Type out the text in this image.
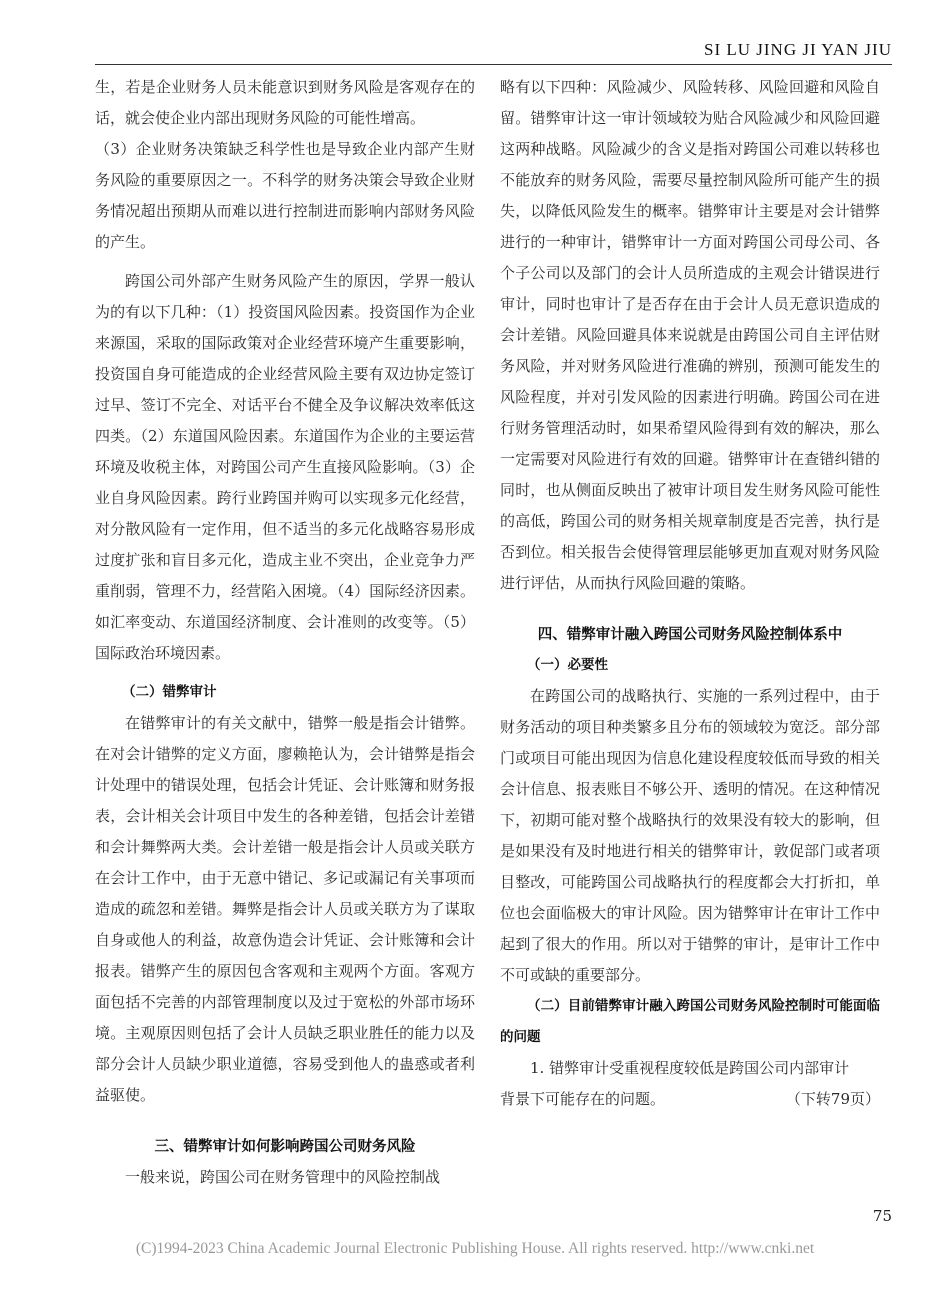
SI LU JING JI YAN JIU

生，若是企业财务人员未能意识到财务风险是客观存在的话，就会使企业内部出现财务风险的可能性增高。

（3）企业财务决策缺乏科学性也是导致企业内部产生财务风险的重要原因之一。不科学的财务决策会导致企业财务情况超出预期从而难以进行控制进而影响内部财务风险的产生。

跨国公司外部产生财务风险产生的原因，学界一般认为的有以下几种：（1）投资国风险因素。投资国作为企业来源国，采取的国际政策对企业经营环境产生重要影响，投资国自身可能造成的企业经营风险主要有双边协定签订过早、签订不完全、对话平台不健全及争议解决效率低这四类。（2）东道国风险因素。东道国作为企业的主要运营环境及收税主体，对跨国公司产生直接风险影响。（3）企业自身风险因素。跨行业跨国并购可以实现多元化经营，对分散风险有一定作用，但不适当的多元化战略容易形成过度扩张和盲目多元化，造成主业不突出，企业竞争力严重削弱，管理不力，经营陷入困境。（4）国际经济因素。如汇率变动、东道国经济制度、会计准则的改变等。（5）国际政治环境因素。

（二）错弊审计

在错弊审计的有关文献中，错弊一般是指会计错弊。在对会计错弊的定义方面，廖赖艳认为，会计错弊是指会计处理中的错误处理，包括会计凭证、会计账簿和财务报表，会计相关会计项目中发生的各种差错，包括会计差错和会计舞弊两大类。会计差错一般是指会计人员或关联方在会计工作中，由于无意中错记、多记或漏记有关事项而造成的疏忽和差错。舞弊是指会计人员或关联方为了谋取自身或他人的利益，故意伪造会计凭证、会计账簿和会计报表。错弊产生的原因包含客观和主观两个方面。客观方面包括不完善的内部管理制度以及过于宽松的外部市场环境。主观原因则包括了会计人员缺乏职业胜任的能力以及部分会计人员缺少职业道德，容易受到他人的蛊惑或者利益驱使。

三、错弊审计如何影响跨国公司财务风险

一般来说，跨国公司在财务管理中的风险控制战

略有以下四种：风险减少、风险转移、风险回避和风险自留。错弊审计这一审计领域较为贴合风险减少和风险回避这两种战略。风险减少的含义是指对跨国公司难以转移也不能放弃的财务风险，需要尽量控制风险所可能产生的损失，以降低风险发生的概率。错弊审计主要是对会计错弊进行的一种审计，错弊审计一方面对跨国公司母公司、各个子公司以及部门的会计人员所造成的主观会计错误进行审计，同时也审计了是否存在由于会计人员无意识造成的会计差错。风险回避具体来说就是由跨国公司自主评估财务风险，并对财务风险进行准确的辨别，预测可能发生的风险程度，并对引发风险的因素进行明确。跨国公司在进行财务管理活动时，如果希望风险得到有效的解决，那么一定需要对风险进行有效的回避。错弊审计在查错纠错的同时，也从侧面反映出了被审计项目发生财务风险可能性的高低，跨国公司的财务相关规章制度是否完善，执行是否到位。相关报告会使得管理层能够更加直观对财务风险进行评估，从而执行风险回避的策略。

四、错弊审计融入跨国公司财务风险控制体系中

（一）必要性

在跨国公司的战略执行、实施的一系列过程中，由于财务活动的项目种类繁多且分布的领域较为宽泛。部分部门或项目可能出现因为信息化建设程度较低而导致的相关会计信息、报表账目不够公开、透明的情况。在这种情况下，初期可能对整个战略执行的效果没有较大的影响，但是如果没有及时地进行相关的错弊审计，敦促部门或者项目整改，可能跨国公司战略执行的程度都会大打折扣，单位也会面临极大的审计风险。因为错弊审计在审计工作中起到了很大的作用。所以对于错弊的审计，是审计工作中不可或缺的重要部分。

（二）目前错弊审计融入跨国公司财务风险控制时可能面临的问题

1. 错弊审计受重视程度较低是跨国公司内部审计

背景下可能存在的问题。	（下转79页）
75
(C)1994-2023 China Academic Journal Electronic Publishing House. All rights reserved. http://www.cnki.net
